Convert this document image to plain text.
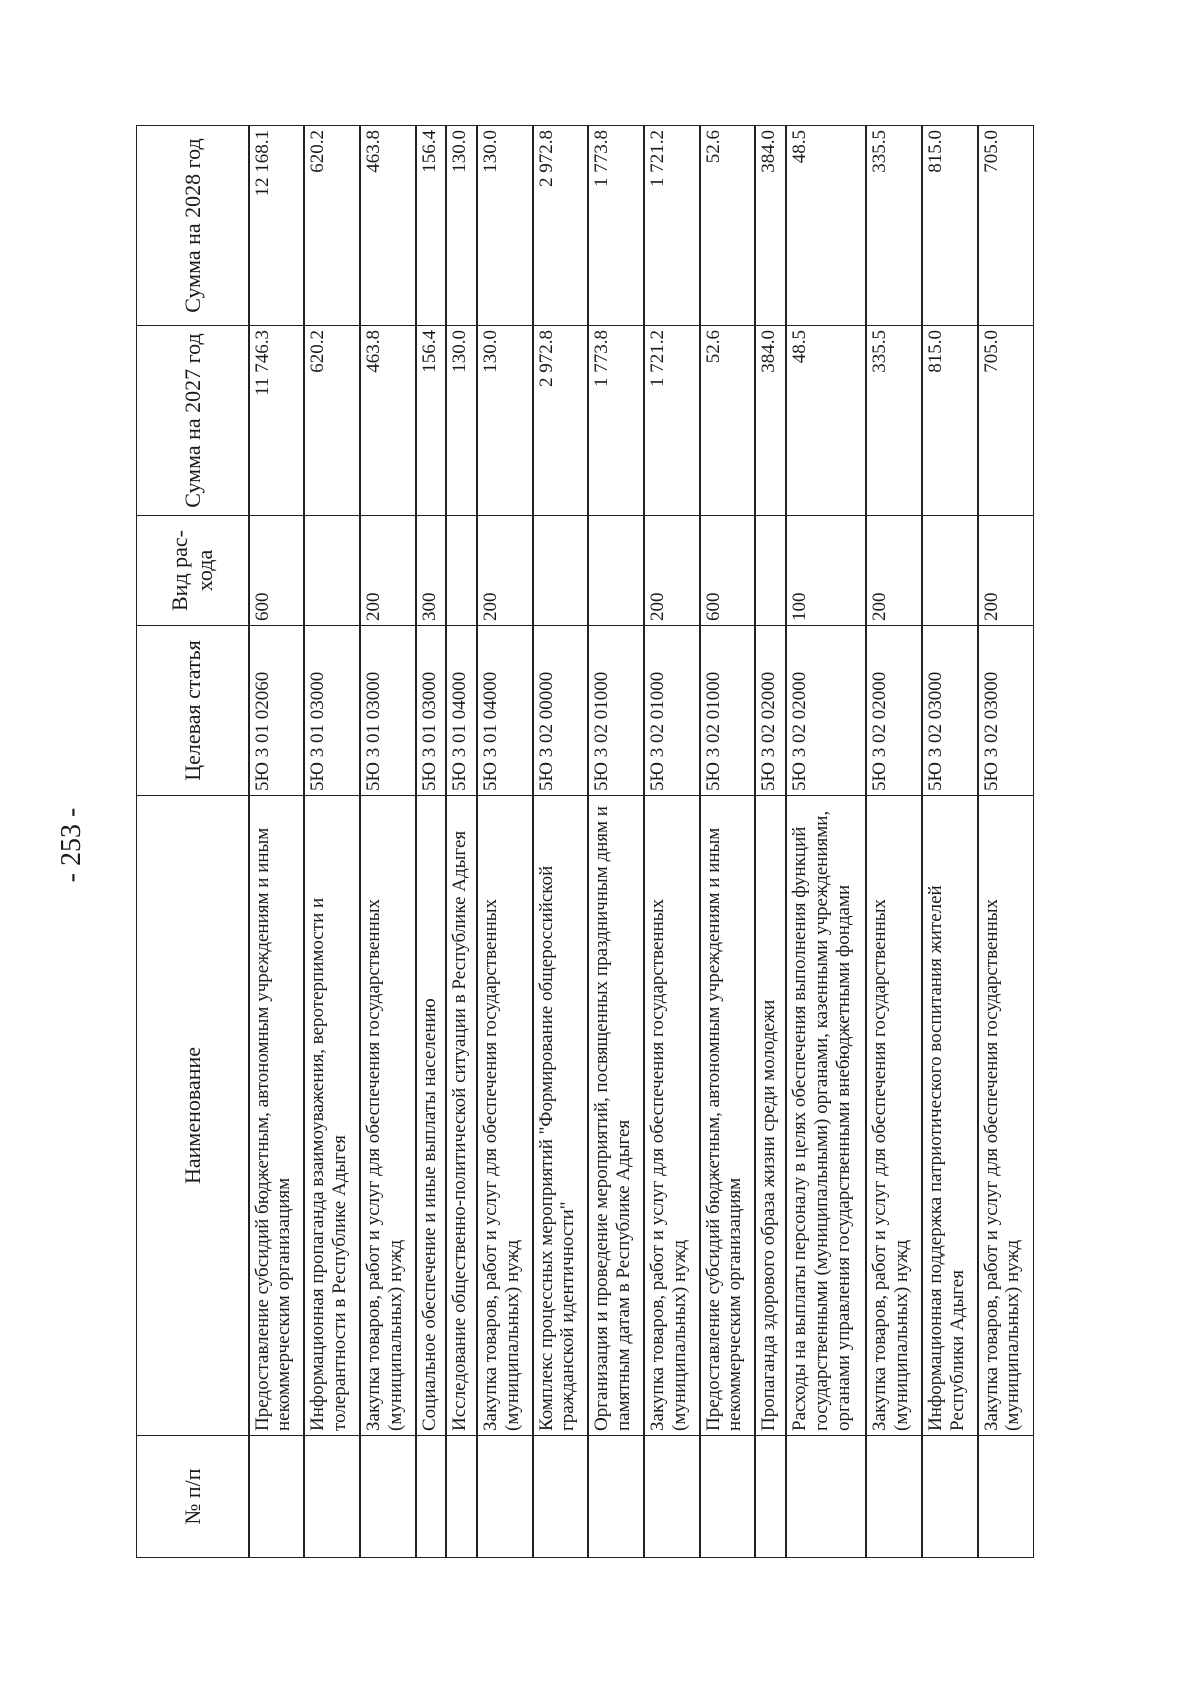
- 253 -
№ п/п	Наименование	Целевая статья	Вид рас-хода	Сумма на 2027 год	Сумма на 2028 год
	Предоставление субсидий бюджетным, автономным учреждениям и иным некоммерческим организациям	5Ю 3 01 02060	600	11 746.3	12 168.1
	Информационная пропаганда взаимоуважения, веротерпимости и толерантности в Республике Адыгея	5Ю 3 01 03000		620.2	620.2
	Закупка товаров, работ и услуг для обеспечения государственных (муниципальных) нужд	5Ю 3 01 03000	200	463.8	463.8
	Социальное обеспечение и иные выплаты населению	5Ю 3 01 03000	300	156.4	156.4
	Исследование общественно-политической ситуации в Республике Адыгея	5Ю 3 01 04000		130.0	130.0
	Закупка товаров, работ и услуг для обеспечения государственных (муниципальных) нужд	5Ю 3 01 04000	200	130.0	130.0
	Комплекс процессных мероприятий "Формирование общероссийской гражданской идентичности"	5Ю 3 02 00000		2 972.8	2 972.8
	Организация и проведение мероприятий, посвященных праздничным дням и памятным датам в Республике Адыгея	5Ю 3 02 01000		1 773.8	1 773.8
	Закупка товаров, работ и услуг для обеспечения государственных (муниципальных) нужд	5Ю 3 02 01000	200	1 721.2	1 721.2
	Предоставление субсидий бюджетным, автономным учреждениям и иным некоммерческим организациям	5Ю 3 02 01000	600	52.6	52.6
	Пропаганда здорового образа жизни среди молодежи	5Ю 3 02 02000		384.0	384.0
	Расходы на выплаты персоналу в целях обеспечения выполнения функций государственными (муниципальными) органами, казенными учреждениями, органами управления государственными внебюджетными фондами	5Ю 3 02 02000	100	48.5	48.5
	Закупка товаров, работ и услуг для обеспечения государственных (муниципальных) нужд	5Ю 3 02 02000	200	335.5	335.5
	Информационная поддержка патриотического воспитания жителей Республики Адыгея	5Ю 3 02 03000		815.0	815.0
	Закупка товаров, работ и услуг для обеспечения государственных (муниципальных) нужд	5Ю 3 02 03000	200	705.0	705.0
